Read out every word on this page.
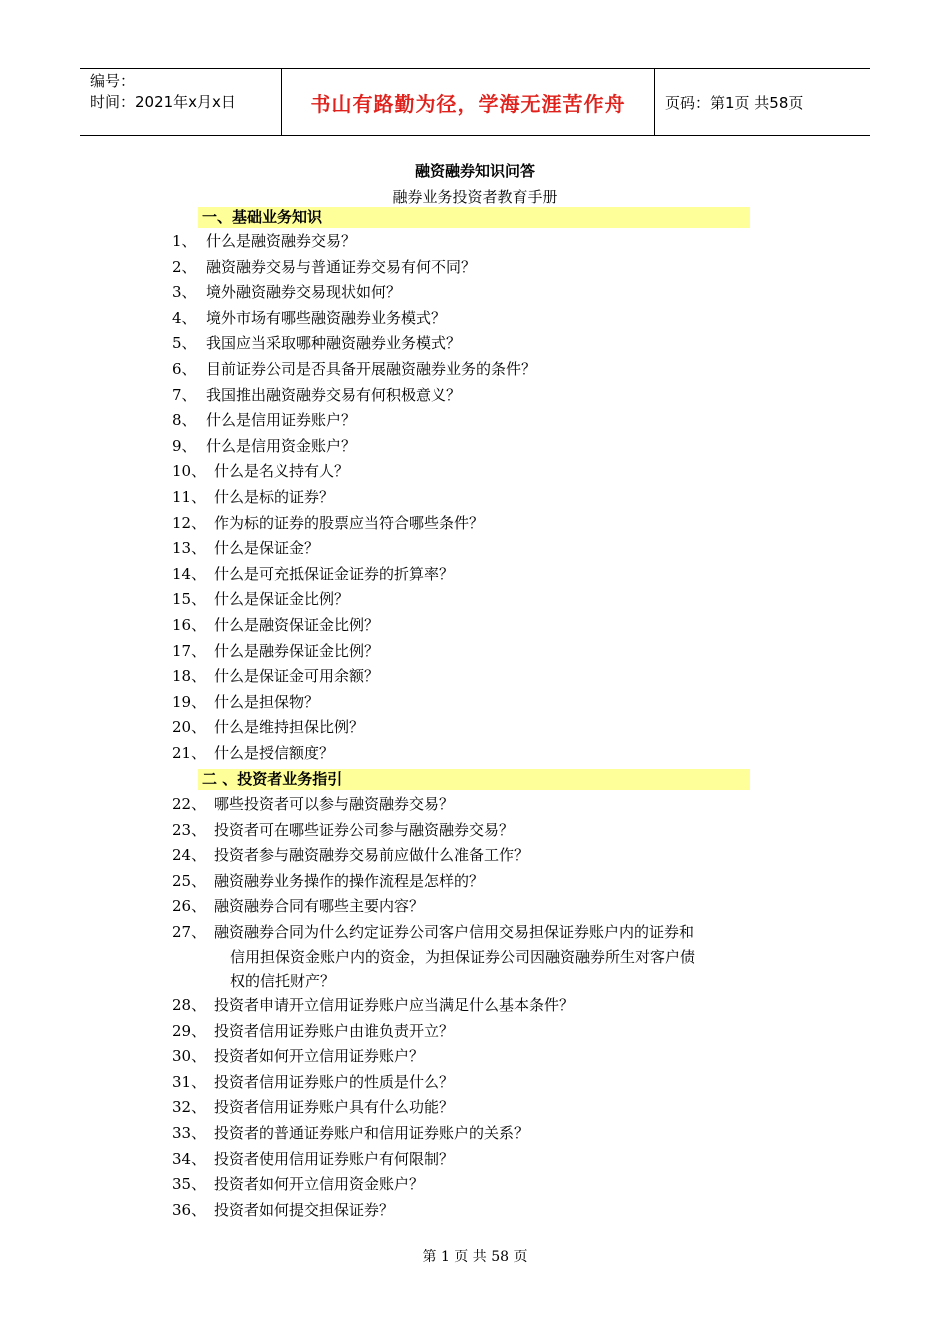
编号：
时间：2021年x月x日	书山有路勤为径，学海无涯苦作舟	页码：第1页 共58页
融资融券知识问答
融券业务投资者教育手册
一、基础业务知识
1、 什么是融资融券交易？
2、 融资融券交易与普通证券交易有何不同？
3、 境外融资融券交易现状如何？
4、 境外市场有哪些融资融券业务模式？
5、 我国应当采取哪种融资融券业务模式？
6、 目前证券公司是否具备开展融资融券业务的条件？
7、 我国推出融资融券交易有何积极意义？
8、 什么是信用证券账户？
9、 什么是信用资金账户？
10、 什么是名义持有人？
11、 什么是标的证券？
12、 作为标的证券的股票应当符合哪些条件？
13、 什么是保证金？
14、 什么是可充抵保证金证券的折算率？
15、 什么是保证金比例？
16、 什么是融资保证金比例？
17、 什么是融券保证金比例？
18、 什么是保证金可用余额？
19、 什么是担保物？
20、 什么是维持担保比例？
21、 什么是授信额度？
二 、投资者业务指引
22、 哪些投资者可以参与融资融券交易？
23、 投资者可在哪些证券公司参与融资融券交易？
24、 投资者参与融资融券交易前应做什么准备工作？
25、 融资融券业务操作的操作流程是怎样的？
26、 融资融券合同有哪些主要内容？
27、 融资融券合同为什么约定证券公司客户信用交易担保证券账户内的证券和
信用担保资金账户内的资金，为担保证券公司因融资融券所生对客户债
权的信托财产？
28、 投资者申请开立信用证券账户应当满足什么基本条件？
29、 投资者信用证券账户由谁负责开立？
30、 投资者如何开立信用证券账户？
31、 投资者信用证券账户的性质是什么？
32、 投资者信用证券账户具有什么功能？
33、 投资者的普通证券账户和信用证券账户的关系？
34、 投资者使用信用证券账户有何限制？
35、 投资者如何开立信用资金账户？
36、 投资者如何提交担保证券？
第 1 页 共 58 页
